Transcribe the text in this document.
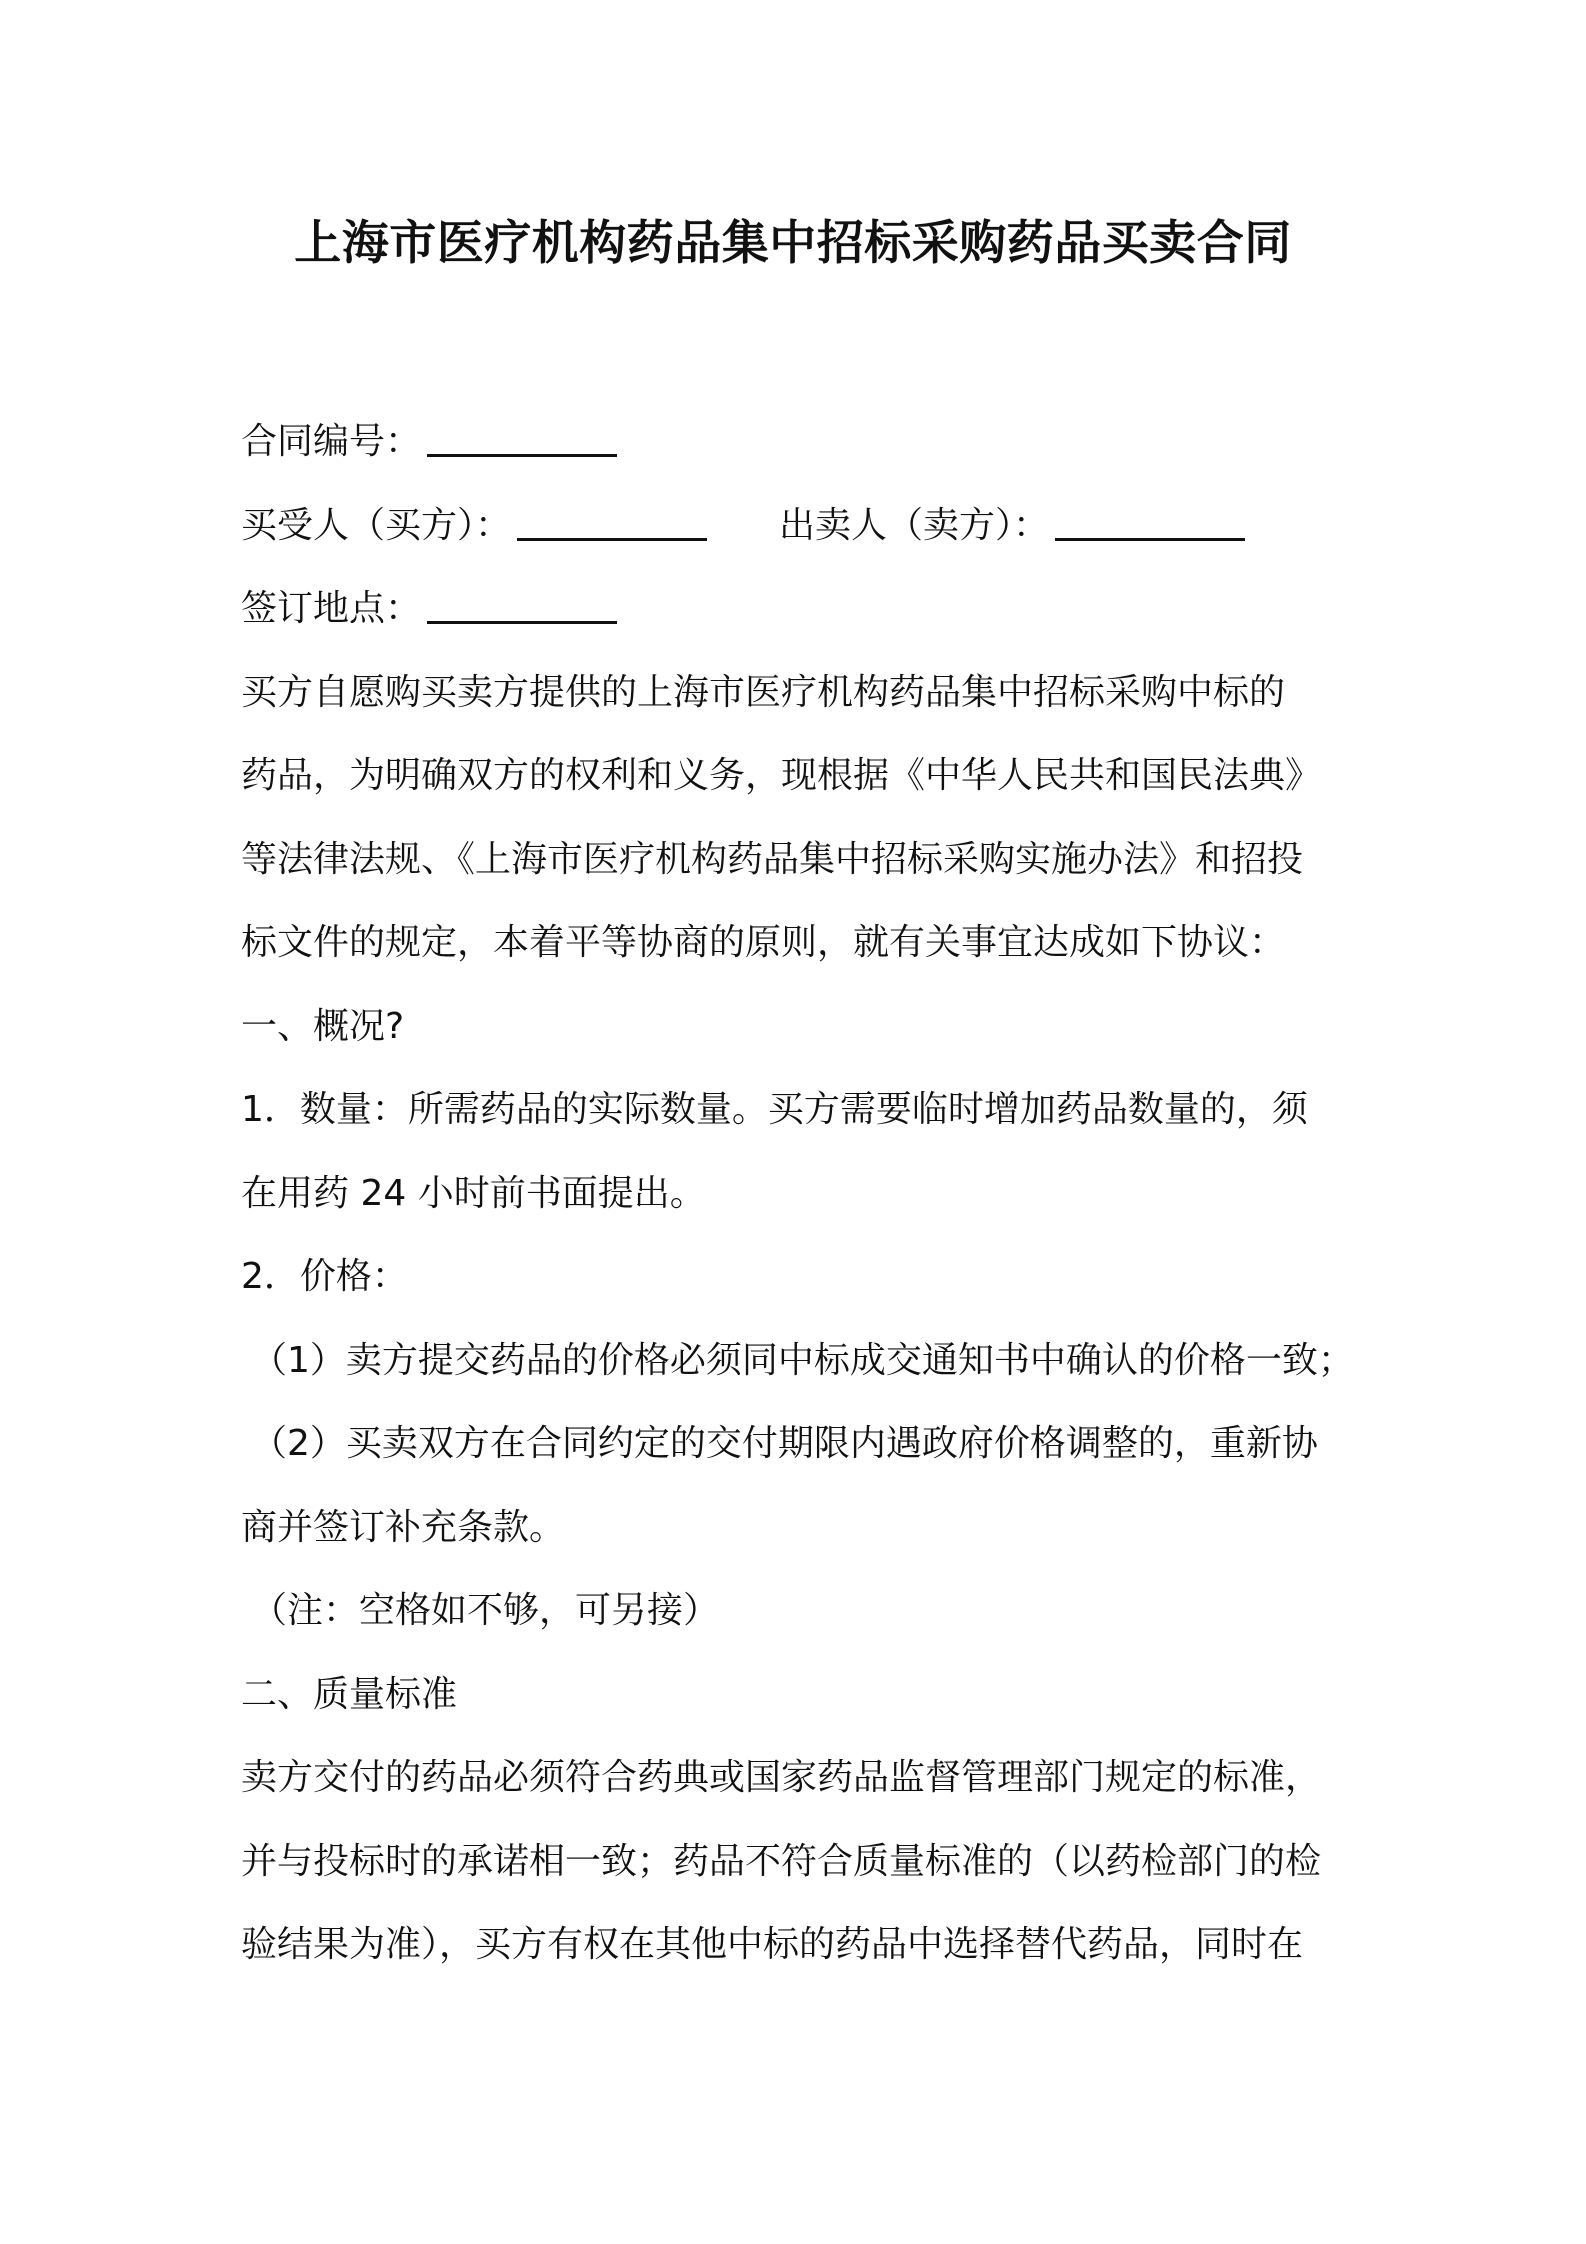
上海市医疗机构药品集中招标采购药品买卖合同
合同编号：
买受人（买方）：	出卖人（卖方）：
签订地点：
买方自愿购买卖方提供的上海市医疗机构药品集中招标采购中标的
药品，为明确双方的权利和义务，现根据《中华人民共和国民法典》
等法律法规、《上海市医疗机构药品集中招标采购实施办法》和招投
标文件的规定，本着平等协商的原则，就有关事宜达成如下协议：
一、概况?
1．数量：所需药品的实际数量。买方需要临时增加药品数量的，须
在用药 24 小时前书面提出。
2．价格：
（1）卖方提交药品的价格必须同中标成交通知书中确认的价格一致；
（2）买卖双方在合同约定的交付期限内遇政府价格调整的，重新协
商并签订补充条款。
（注：空格如不够，可另接）
二、质量标准
卖方交付的药品必须符合药典或国家药品监督管理部门规定的标准，
并与投标时的承诺相一致；药品不符合质量标准的（以药检部门的检
验结果为准），买方有权在其他中标的药品中选择替代药品，同时在
